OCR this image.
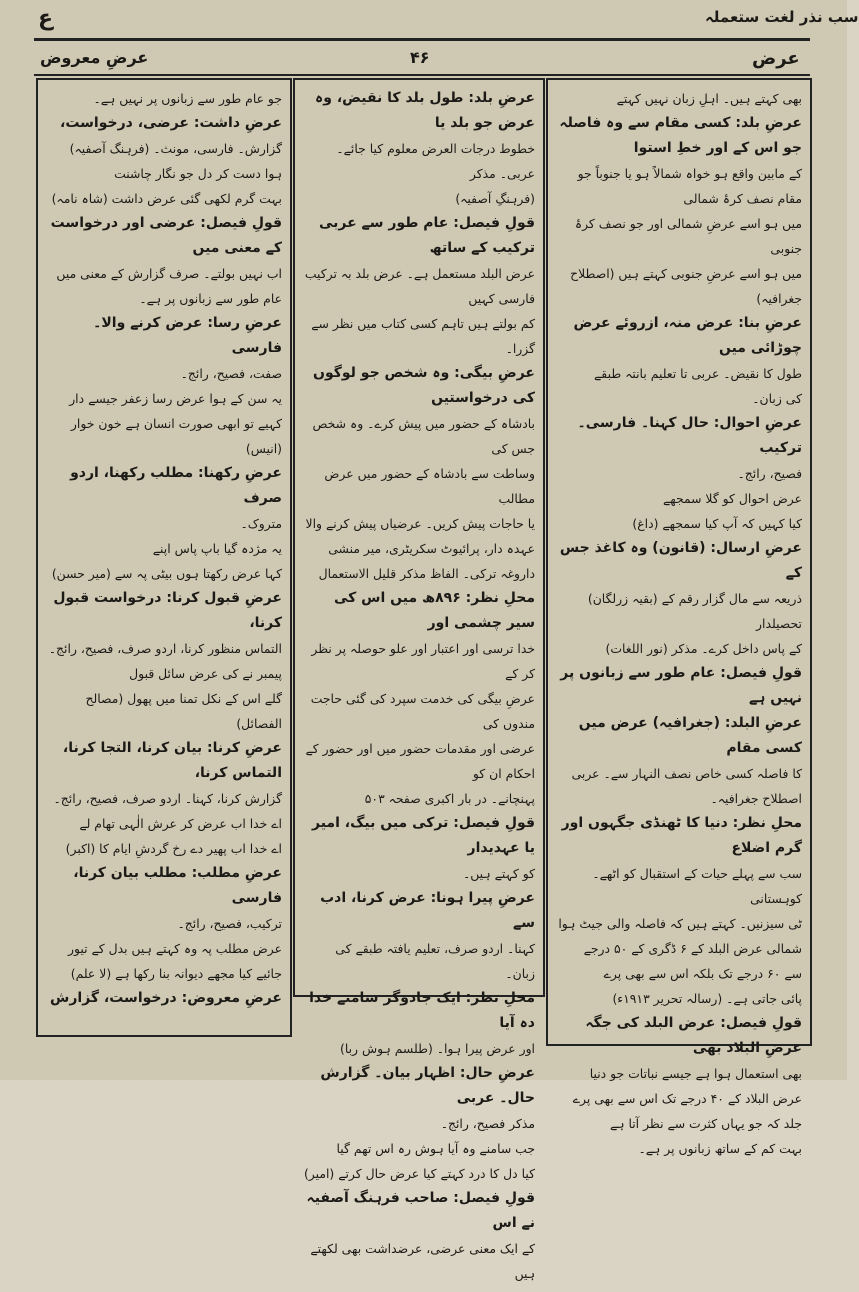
ع	سب نذر لغت ستعملہ
عرضِ معروض	۴۶	عرض

بھی کہتے ہیں۔ اہلِ زبان نہیں کہتے

عرضِ بلد: کسی مقام سے وہ فاصلہ جو اس کے اور خطِ استوا

کے مابین واقع ہو خواہ شمالاً ہو یا جنوباً جو مقام نصف کرۂ شمالی

میں ہو اسے عرضِ شمالی اور جو نصف کرۂ جنوبی

میں ہو اسے عرضِ جنوبی کہتے ہیں (اصطلاح جغرافیہ)

عرضِ بنا: عرض منہ، ازروئے عرض چوڑائی میں

طول کا نقیض۔ عربی تا تعلیم بانتہ طبقے

کی زبان۔

عرضِ احوال: حال کہنا۔ فارسی۔ ترکیب

فصیح، رائج۔

عرض احوال کو گلا سمجھے

کیا کہیں کہ آپ کیا سمجھے (داغ)

عرضِ ارسال: (قانون) وہ کاغذ جس کے

ذریعہ سے مال گزار رقم کے (بقیہ زرلگان) تحصیلدار

کے پاس داخل کرے۔ مذکر (نور اللغات)

قولِ فیصل: عام طور سے زبانوں پر نہیں ہے

عرضِ البلد: (جغرافیہ) عرض میں کسی مقام

کا فاصلہ کسی خاص نصف النہار سے۔ عربی

اصطلاح جغرافیہ۔

محلِ نظر: دنیا کا ٹھنڈی جگہوں اور گرم اضلاع

سب سے پہلے حیات کے استقبال کو اٹھے۔ کوہستانی

ٹی سیزنیں۔ کہتے ہیں کہ فاصلہ والی جیٹ ہوا

شمالی عرض البلد کے ۶ ڈگری کے ۵۰ درجے

سے ۶۰ درجے تک بلکہ اس سے بھی پرے

پائی جاتی ہے۔ (رسالہ تحریر ۱۹۱۳ء)

قولِ فیصل: عرض البلد کی جگہ عرضِ البلاد بھی

بھی استعمال ہوا ہے جیسے نباتات جو دنیا

عرض البلاد کے ۴۰ درجے تک اس سے بھی پرے

جلد کہ جو یہاں کثرت سے نظر آتا ہے

بہت کم کے ساتھ زبانوں پر ہے۔

عرضِ بلد: طول بلد کا نقیض، وہ عرض جو بلد یا

خطوط درجات العرض معلوم کیا جائے۔ عربی۔ مذکر

(فرہنگِ آصفیہ)

قولِ فیصل: عام طور سے عربی ترکیب کے ساتھ

عرض البلد مستعمل ہے۔ عرض بلد بہ ترکیب فارسی کہیں

کم بولتے ہیں تاہم کسی کتاب میں نظر سے گزرا۔

عرضِ بیگی: وہ شخص جو لوگوں کی درخواستیں

بادشاہ کے حضور میں پیش کرے۔ وہ شخص جس کی

وساطت سے بادشاہ کے حضور میں عرض مطالب

یا حاجات پیش کریں۔ عرضیاں پیش کرنے والا

عہدہ دار، پرائیوٹ سکریٹری، میر منشی

داروغہ ترکی۔ الفاظ مذکر قلیل الاستعمال

محلِ نظر: ۸۹۶ھ میں اس کی سیر چشمی اور

خدا ترسی اور اعتبار اور علو حوصلہ پر نظر کر کے

عرضِ بیگی کی خدمت سپرد کی گئی حاجت مندوں کی

عرضی اور مقدمات حضور میں اور حضور کے احکام ان کو

پہنچانے۔ در بار اکبری صفحہ ۵۰۳

قولِ فیصل: ترکی میں بیگ، امیر یا عہدیدار

کو کہتے ہیں۔

عرضِ پیرا ہونا: عرض کرنا، ادب سے

کہنا۔ اردو صرف، تعلیم یافتہ طبقے کی زبان۔

محلِ نظر: ایک جادوگر سامنے خدا دہ آیا

اور عرض پیرا ہوا۔ (طلسم ہوش ربا)

عرضِ حال: اظہار بیان۔ گزارش حال۔ عربی

مذکر فصیح، رائج۔

جب سامنے وہ آیا ہوش رہ اس تھم گیا

کیا دل کا درد کہتے کیا عرض حال کرتے (امیر)

قولِ فیصل: صاحب فرہنگ آصفیہ نے اس

کے ایک معنی عرضی، عرضداشت بھی لکھتے ہیں

جو عام طور سے زبانوں پر نہیں ہے۔

عرضِ داشت: عرضی، درخواست،

گزارش۔ فارسی، مونث۔ (فرہنگ آصفیہ)

ہوا دست کر دل جو نگار چاشنت

بہت گرم لکھی گئی عرض داشت (شاہ نامہ)

قولِ فیصل: عرضی اور درخواست کے معنی میں

اب نہیں بولتے۔ صرف گزارش کے معنی میں

عام طور سے زبانوں پر ہے۔

عرضِ رسا: عرض کرنے والا۔ فارسی

صفت، فصیح، رائج۔

یہ سن کے ہوا عرض رسا زعفر جیسے دار

کہیے تو ابھی صورت انسان ہے خون خوار (انیس)

عرضِ رکھنا: مطلب رکھنا، اردو صرف

متروک۔

یہ مژدہ گیا باپ پاس اپنے

کہا عرض رکھتا ہوں بیٹی پہ سے (میر حسن)

عرضِ قبول کرنا: درخواست قبول کرنا،

التماس منظور کرنا، اردو صرف، فصیح، رائج۔

پیمبر نے کی عرض سائل قبول

گلے اس کے نکل تمنا میں پھول (مصالح الفصائل)

عرضِ کرنا: بیان کرنا، التجا کرنا، التماس کرنا،

گزارش کرنا، کہنا۔ اردو صرف، فصیح، رائج۔

اے خدا اب عرض کر عرش الٰہی تھام لے

اے خدا اب پھیر دے رخ گردشِ ایام کا (اکبر)

عرضِ مطلب: مطلب بیان کرنا، فارسی

ترکیب، فصیح، رائج۔

عرض مطلب پہ وہ کہتے ہیں بدل کے تیور

جائیے کیا مجھے دیوانہ بنا رکھا ہے (لا علم)

عرضِ معروض: درخواست، گزارش
